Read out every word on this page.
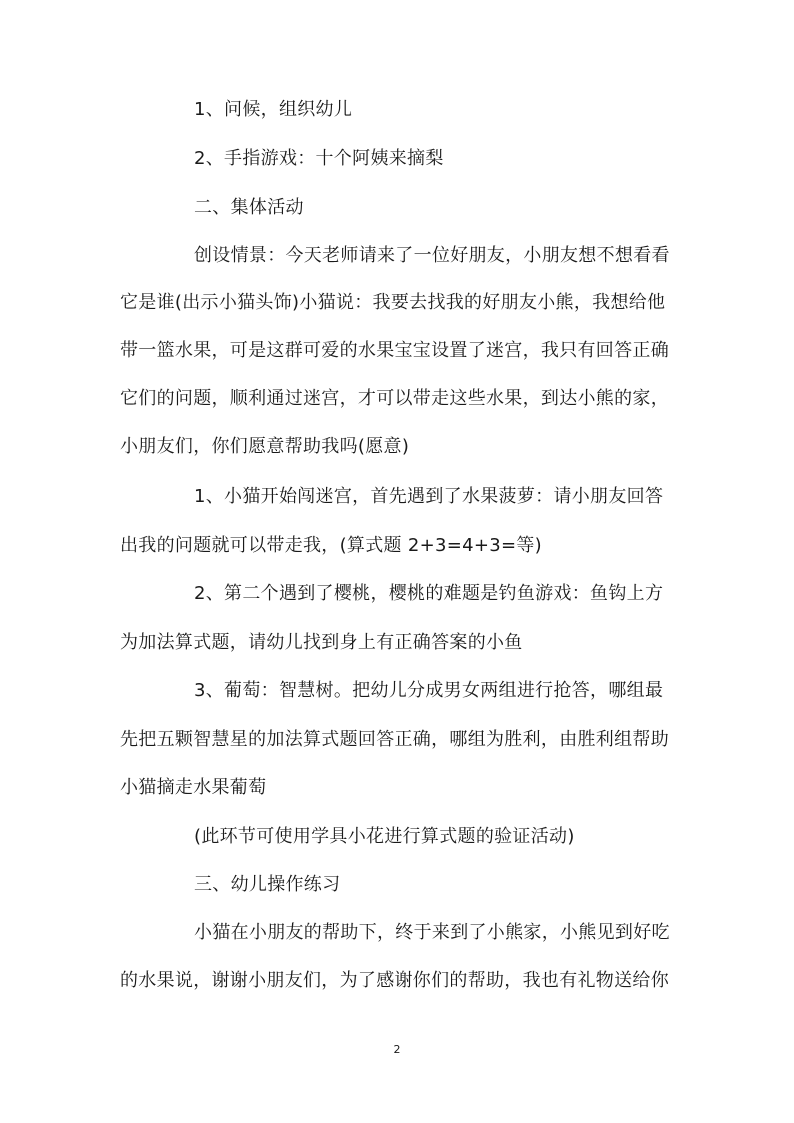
1、问候，组织幼儿
2、手指游戏：十个阿姨来摘梨
二、集体活动
创设情景：今天老师请来了一位好朋友，小朋友想不想看看
它是谁(出示小猫头饰)小猫说：我要去找我的好朋友小熊，我想给他
带一篮水果，可是这群可爱的水果宝宝设置了迷宫，我只有回答正确
它们的问题，顺利通过迷宫，才可以带走这些水果，到达小熊的家，
小朋友们，你们愿意帮助我吗(愿意)
1、小猫开始闯迷宫，首先遇到了水果菠萝：请小朋友回答
出我的问题就可以带走我，(算式题 2+3=4+3=等)
2、第二个遇到了樱桃，樱桃的难题是钓鱼游戏：鱼钩上方
为加法算式题，请幼儿找到身上有正确答案的小鱼
3、葡萄：智慧树。把幼儿分成男女两组进行抢答，哪组最
先把五颗智慧星的加法算式题回答正确，哪组为胜利，由胜利组帮助
小猫摘走水果葡萄
(此环节可使用学具小花进行算式题的验证活动)
三、幼儿操作练习
小猫在小朋友的帮助下，终于来到了小熊家，小熊见到好吃
的水果说，谢谢小朋友们，为了感谢你们的帮助，我也有礼物送给你
2
